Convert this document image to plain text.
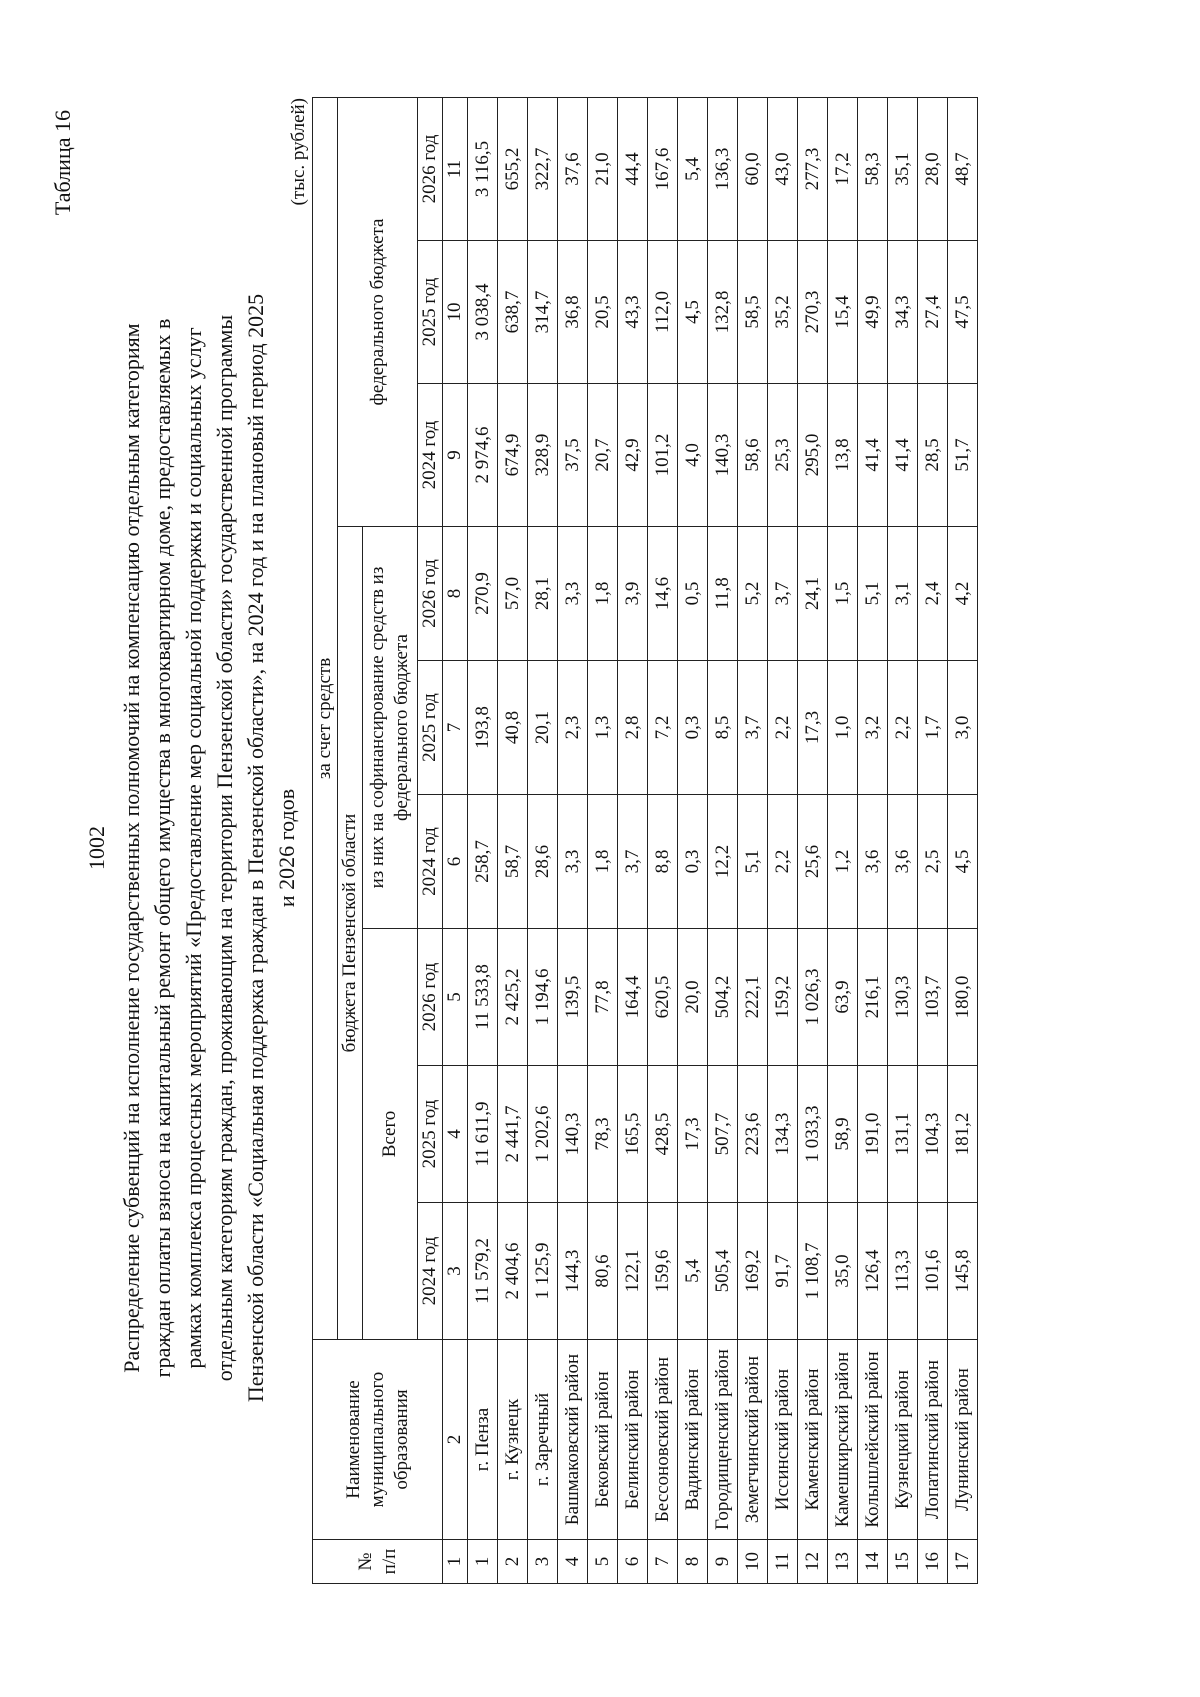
Таблица 16
1002 Распределение субвенций на исполнение государственных полномочий на компенсацию отдельным категориям граждан оплаты взноса на капитальный ремонт общего имущества в многоквартирном доме, предоставляемых в рамках комплекса процессных мероприятий «Предоставление мер социальной поддержки и социальных услуг отдельным категориям граждан, проживающим на территории Пензенской области» государственной программы Пензенской области «Социальная поддержка граждан в Пензенской области», на 2024 год и на плановый период 2025 и 2026 годов
(тыс. рублей)
№ п/п	Наименование муниципального образования	за счет средств								
		бюджета Пензенской области						федерального бюджета		
		Всего			из них на софинансирование средств из федерального бюджета					
		2024 год	2025 год	2026 год	2024 год	2025 год	2026 год	2024 год	2025 год	2026 год
1	2	3	4	5	6	7	8	9	10	11
1	г. Пенза	11 579,2	11 611,9	11 533,8	258,7	193,8	270,9	2 974,6	3 038,4	3 116,5
2	г. Кузнецк	2 404,6	2 441,7	2 425,2	58,7	40,8	57,0	674,9	638,7	655,2
3	г. Заречный	1 125,9	1 202,6	1 194,6	28,6	20,1	28,1	328,9	314,7	322,7
4	Башмаковский район	144,3	140,3	139,5	3,3	2,3	3,3	37,5	36,8	37,6
5	Бековский район	80,6	78,3	77,8	1,8	1,3	1,8	20,7	20,5	21,0
6	Белинский район	122,1	165,5	164,4	3,7	2,8	3,9	42,9	43,3	44,4
7	Бессоновский район	159,6	428,5	620,5	8,8	7,2	14,6	101,2	112,0	167,6
8	Вадинский район	5,4	17,3	20,0	0,3	0,3	0,5	4,0	4,5	5,4
9	Городищенский район	505,4	507,7	504,2	12,2	8,5	11,8	140,3	132,8	136,3
10	Земетчинский район	169,2	223,6	222,1	5,1	3,7	5,2	58,6	58,5	60,0
11	Иссинский район	91,7	134,3	159,2	2,2	2,2	3,7	25,3	35,2	43,0
12	Каменский район	1 108,7	1 033,3	1 026,3	25,6	17,3	24,1	295,0	270,3	277,3
13	Камешкирский район	35,0	58,9	63,9	1,2	1,0	1,5	13,8	15,4	17,2
14	Колышлейский район	126,4	191,0	216,1	3,6	3,2	5,1	41,4	49,9	58,3
15	Кузнецкий район	113,3	131,1	130,3	3,6	2,2	3,1	41,4	34,3	35,1
16	Лопатинский район	101,6	104,3	103,7	2,5	1,7	2,4	28,5	27,4	28,0
17	Лунинский район	145,8	181,2	180,0	4,5	3,0	4,2	51,7	47,5	48,7
